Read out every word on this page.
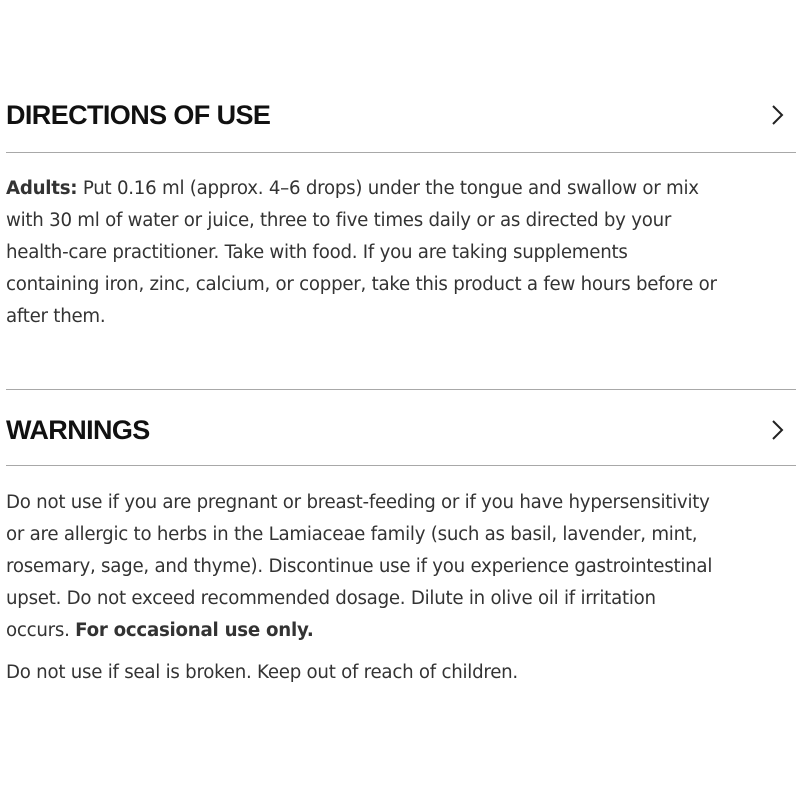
DIRECTIONS OF USE

Adults: Put 0.16 ml (approx. 4–6 drops) under the tongue and swallow or mix
with 30 ml of water or juice, three to five times daily or as directed by your
health-care practitioner. Take with food. If you are taking supplements
containing iron, zinc, calcium, or copper, take this product a few hours before or
after them.

WARNINGS

Do not use if you are pregnant or breast-feeding or if you have hypersensitivity
or are allergic to herbs in the Lamiaceae family (such as basil, lavender, mint,
rosemary, sage, and thyme). Discontinue use if you experience gastrointestinal
upset. Do not exceed recommended dosage. Dilute in olive oil if irritation
occurs. For occasional use only.

Do not use if seal is broken. Keep out of reach of children.
